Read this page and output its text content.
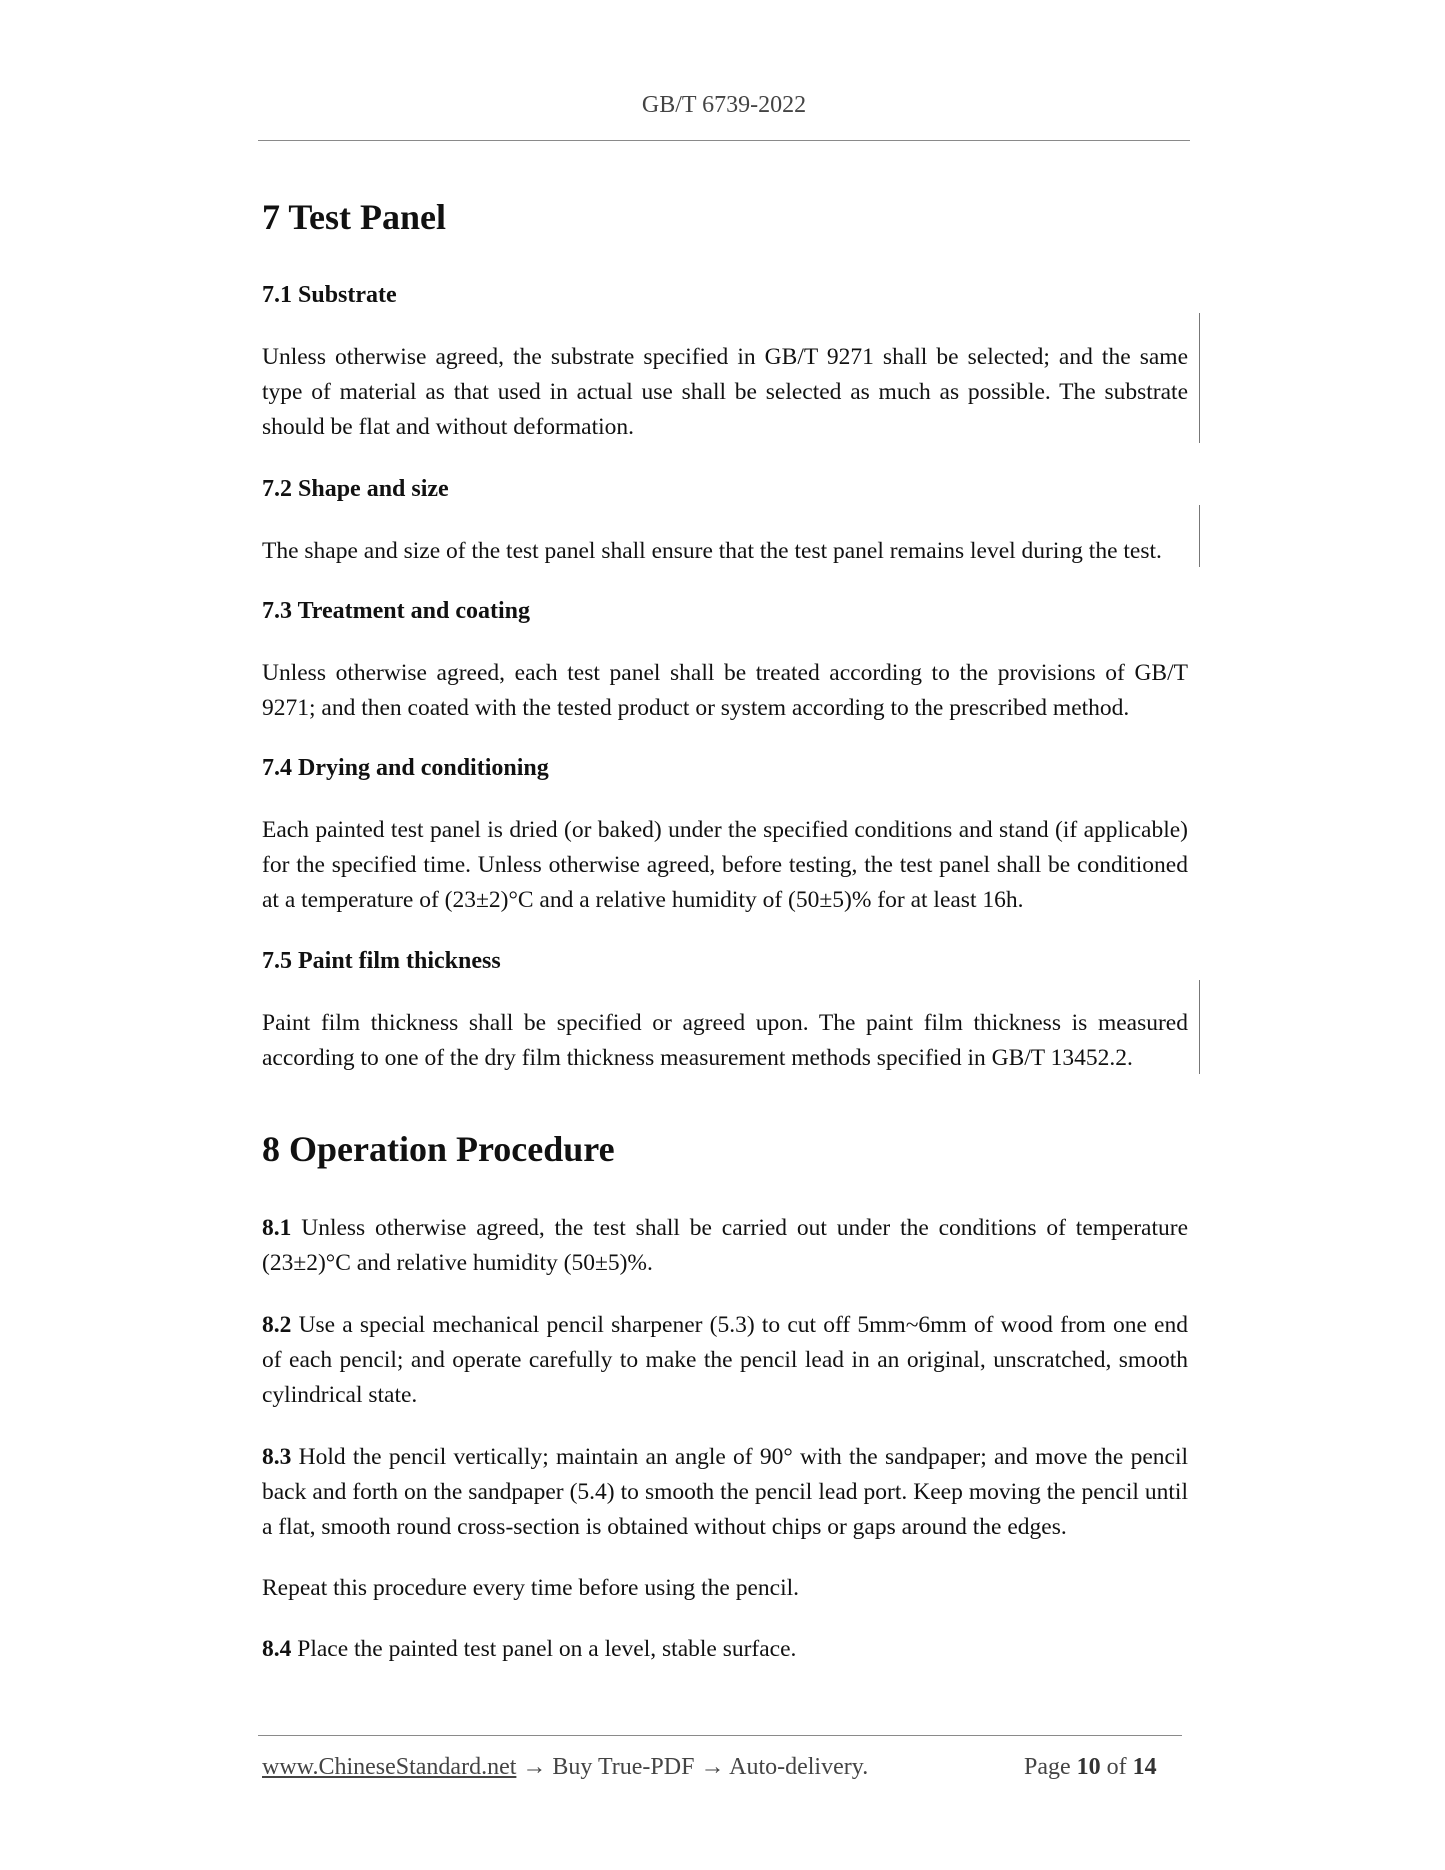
GB/T 6739-2022
7 Test Panel
7.1 Substrate

Unless otherwise agreed, the substrate specified in GB/T 9271 shall be selected; and the same type of material as that used in actual use shall be selected as much as possible. The substrate should be flat and without deformation.

7.2 Shape and size

The shape and size of the test panel shall ensure that the test panel remains level during the test.

7.3 Treatment and coating

Unless otherwise agreed, each test panel shall be treated according to the provisions of GB/T 9271; and then coated with the tested product or system according to the prescribed method.

7.4 Drying and conditioning

Each painted test panel is dried (or baked) under the specified conditions and stand (if applicable) for the specified time. Unless otherwise agreed, before testing, the test panel shall be conditioned at a temperature of (23±2)°C and a relative humidity of (50±5)% for at least 16h.

7.5 Paint film thickness

Paint film thickness shall be specified or agreed upon. The paint film thickness is measured according to one of the dry film thickness measurement methods specified in GB/T 13452.2.

8 Operation Procedure

8.1 Unless otherwise agreed, the test shall be carried out under the conditions of temperature (23±2)°C and relative humidity (50±5)%.

8.2 Use a special mechanical pencil sharpener (5.3) to cut off 5mm~6mm of wood from one end of each pencil; and operate carefully to make the pencil lead in an original, unscratched, smooth cylindrical state.

8.3 Hold the pencil vertically; maintain an angle of 90° with the sandpaper; and move the pencil back and forth on the sandpaper (5.4) to smooth the pencil lead port. Keep moving the pencil until a flat, smooth round cross-section is obtained without chips or gaps around the edges.

Repeat this procedure every time before using the pencil.

8.4 Place the painted test panel on a level, stable surface.

www.ChineseStandard.net → Buy True-PDF → Auto-delivery.	Page 10 of 14
